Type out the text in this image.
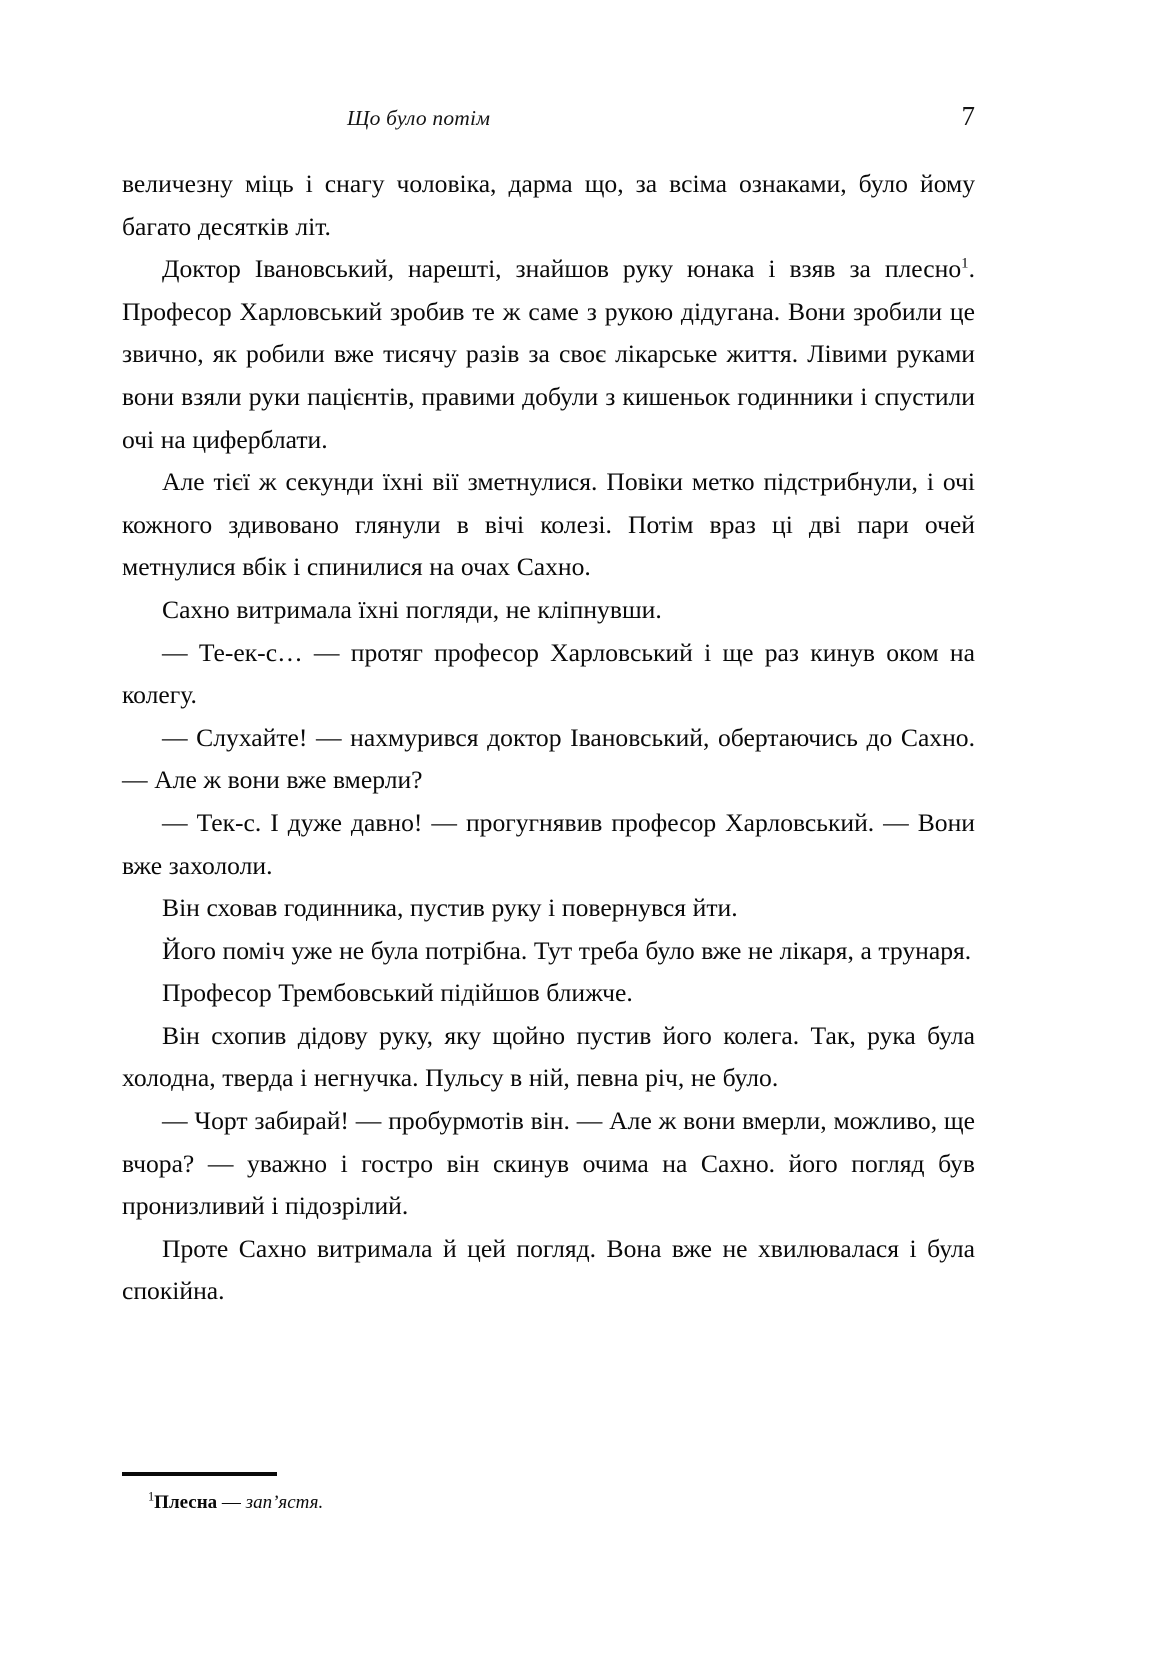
Що було потім	7

величезну міць і снагу чоловіка, дарма що, за всіма ознаками, було йому багато десятків літ.

Доктор Івановський, нарешті, знайшов руку юнака і взяв за плесно$^1$. Професор Харловський зробив те ж саме з рукою дідугана. Вони зробили це звично, як робили вже тисячу разів за своє лікарське життя. Лівими руками вони взяли руки пацієнтів, правими добули з кишеньок годинники і спустили очі на циферблати.

Але тієї ж секунди їхні вії зметнулися. Повіки метко підстрибнули, і очі кожного здивовано глянули в вічі колезі. Потім враз ці дві пари очей метнулися вбік і спинилися на очах Сахно.

Сахно витримала їхні погляди, не кліпнувши.

— Те-ек-с… — протяг професор Харловський і ще раз кинув оком на колегу.

— Слухайте! — нахмурився доктор Івановський, обертаючись до Сахно. — Але ж вони вже вмерли?

— Тек-с. І дуже давно! — прогугнявив професор Харловський. — Вони вже захололи.

Він сховав годинника, пустив руку і повернувся йти.

Його поміч уже не була потрібна. Тут треба було вже не лікаря, а трунаря.

Професор Трембовський підійшов ближче.

Він схопив дідову руку, яку щойно пустив його колега. Так, рука була холодна, тверда і негнучка. Пульсу в ній, певна річ, не було.

— Чорт забирай! — пробурмотів він. — Але ж вони вмерли, можливо, ще вчора? — уважно і гостро він скинув очима на Сахно. його погляд був пронизливий і підозрілий.

Проте Сахно витримала й цей погляд. Вона вже не хвилювалася і була спокійна.

$^1$Плесна — зап’ястя.
